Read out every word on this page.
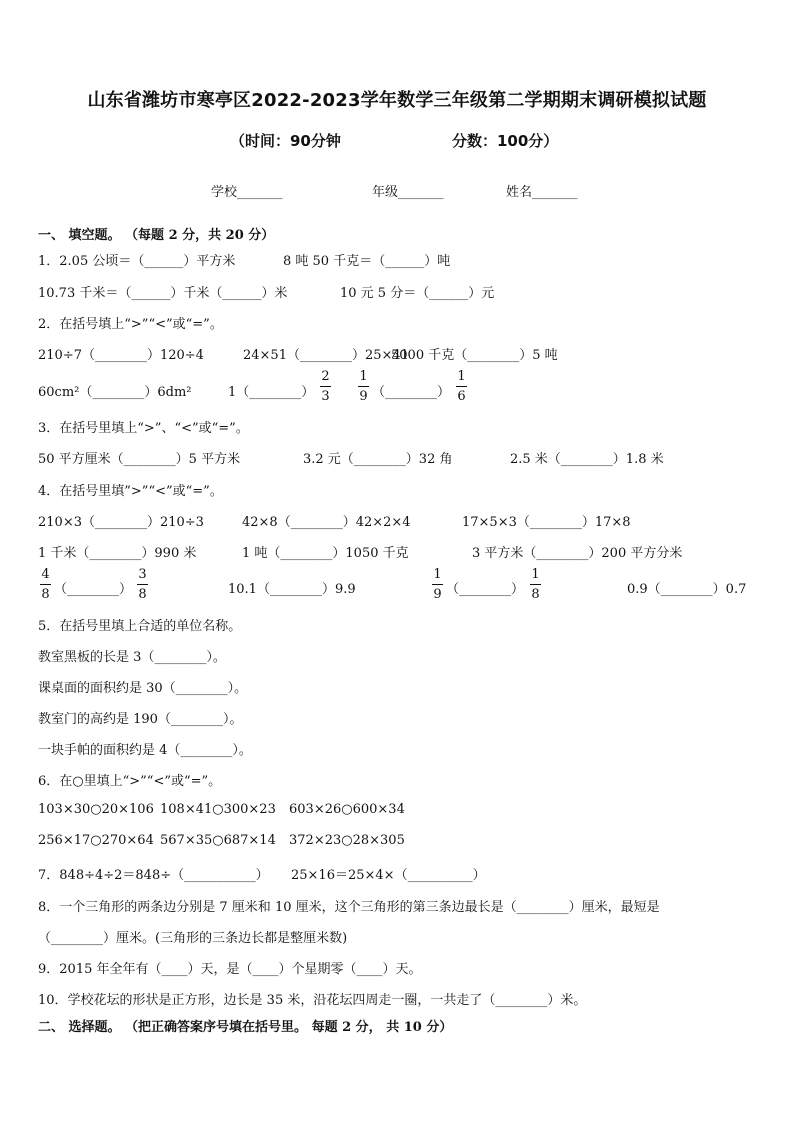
山东省潍坊市寒亭区2022-2023学年数学三年级第二学期期末调研模拟试题
（时间：90分钟	分数：100分）
学校_______	年级_______	姓名_______
一、 填空题。 （每题 2 分，共 20 分）
1．2.05 公顷＝（______）平方米	8 吨 50 千克＝（______）吨
10.73 千米＝（______）千米（______）米	10 元 5 分＝（______）元
2．在括号填上“>”“<”或“=”。
210÷7（________）120÷4	24×51（________）25×41
5000 千克（________）5 吨
60cm²（________）6dm²	1（________）
2
3
1
9 （________）
1
6
3．在括号里填上“>”、“<”或“=”。
50 平方厘米（________）5 平方米	3.2 元（________）32 角	2.5 米（________）1.8 米
4．在括号里填”>”“<”或“=”。
210×3（________）210÷3	42×8（________）42×2×4	17×5×3（________）17×8
1 千米（________）990 米	1 吨（________）1050 千克	3 平方米（________）200 平方分米
4
8 （________）
3
8	10.1（________）9.9
1
9 （________）
1
8	0.9（________）0.7
5．在括号里填上合适的单位名称。
教室黑板的长是 3（________）。
课桌面的面积约是 30（________）。
教室门的高约是 190（________）。
一块手帕的面积约是 4（________）。
6．在○里填上“>”“<”或“=”。
103×30○20×106 108×41○300×23 603×26○600×34
256×17○270×64 567×35○687×14 372×23○28×305
7．848÷4÷2＝848÷（___________） 25×16＝25×4×（__________）
8．一个三角形的两条边分别是 7 厘米和 10 厘米，这个三角形的第三条边最长是（________）厘米，最短是
（________）厘米。(三角形的三条边长都是整厘米数)
9．2015 年全年有（____）天，是（____）个星期零（____）天。
10．学校花坛的形状是正方形，边长是 35 米，沿花坛四周走一圈，一共走了（________）米。
二、 选择题。 （把正确答案序号填在括号里。 每题 2 分， 共 10 分）
